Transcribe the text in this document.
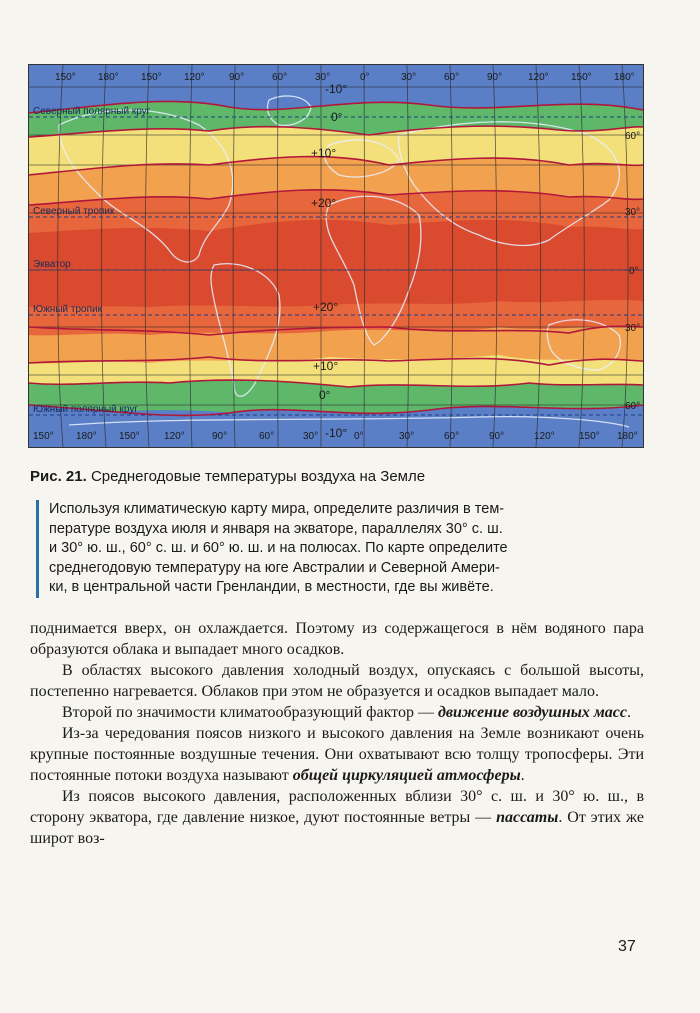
150° 180° 150° 120° 90°	60°	30°	0°	30°	60°	90°	120° 150° 180°
150° 180° 150° 120°	90°	60°	30°	0°	30°	60°	90°	120° 150° 180°
60°
30°
0°
30°
60°
Северный полярный круг
Северный тропик
Экватор
Южный тропик
Южный полярный круг
-10°
0°
+10°
+20°
+20°
+10°
0°
-10°
Рис. 21. Среднегодовые температуры воздуха на Земле
Используя климатическую карту мира, определите различия в тем-
пературе воздуха июля и января на экваторе, параллелях 30° с. ш.
и 30° ю. ш., 60° с. ш. и 60° ю. ш. и на полюсах. По карте определите
среднегодовую температуру на юге Австралии и Северной Амери-
ки, в центральной части Гренландии, в местности, где вы живёте.

поднимается вверх, он охлаждается. Поэтому из содержащегося в нём водяного пара образуются облака и выпадает много осадков.

В областях высокого давления холодный воздух, опускаясь с большой высоты, постепенно нагревается. Облаков при этом не образуется и осадков выпадает мало.

Второй по значимости климатообразующий фактор — движение воздушных масс.

Из-за чередования поясов низкого и высокого давления на Земле возникают очень крупные постоянные воздушные течения. Они охватывают всю толщу тропосферы. Эти постоянные потоки воздуха называют общей циркуляцией атмосферы.

Из поясов высокого давления, расположенных вблизи 30° с. ш. и 30° ю. ш., в сторону экватора, где давление низкое, дуют постоянные ветры — пассаты. От этих же широт воз-

37
